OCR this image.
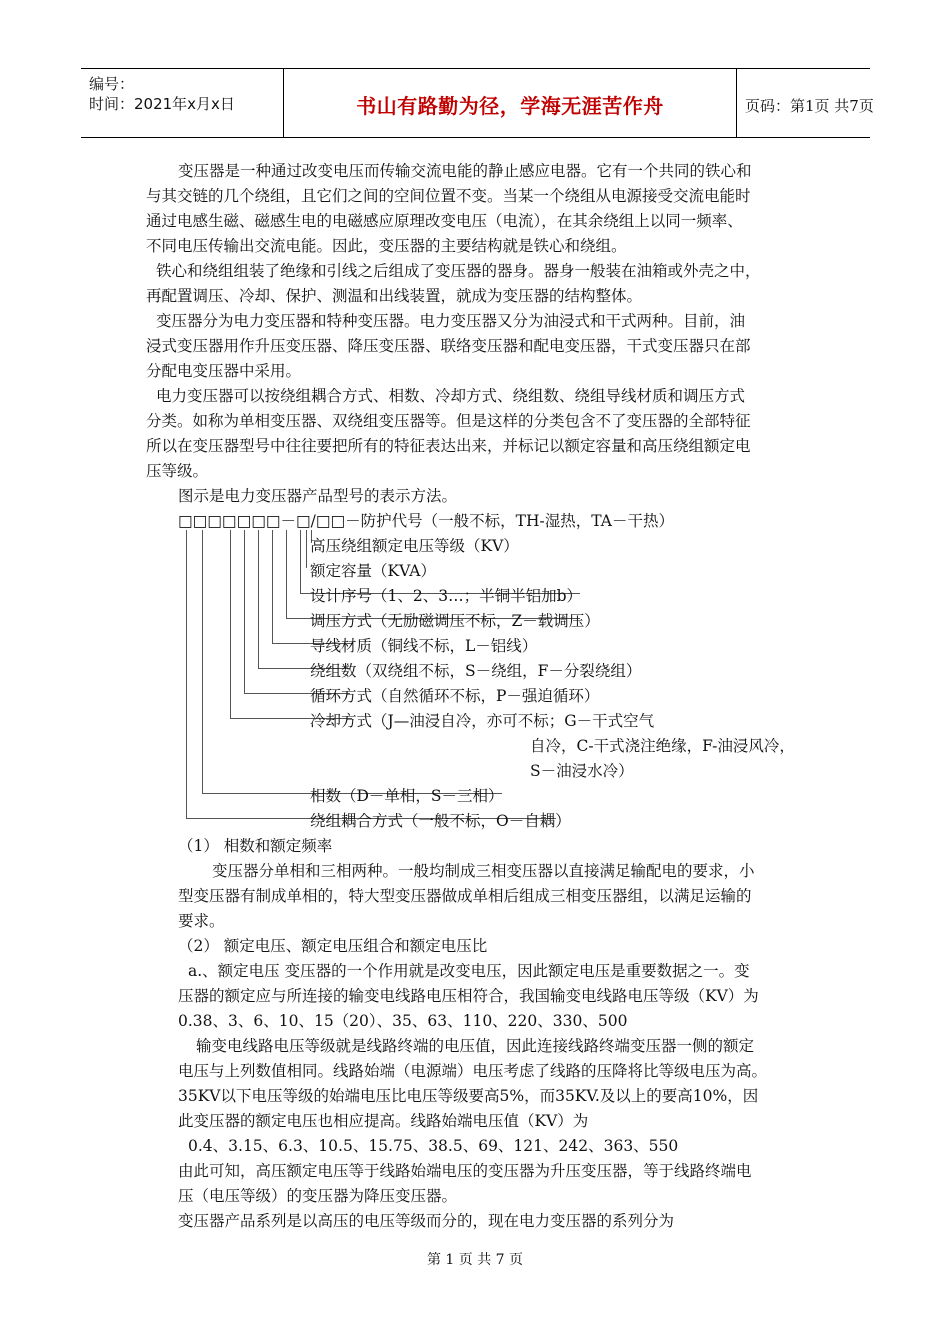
编号：
时间：2021年x月x日	书山有路勤为径，学海无涯苦作舟	页码：第1页 共7页
变压器是一种通过改变电压而传输交流电能的静止感应电器。它有一个共同的铁心和
与其交链的几个绕组，且它们之间的空间位置不变。当某一个绕组从电源接受交流电能时
通过电感生磁、磁感生电的电磁感应原理改变电压（电流），在其余绕组上以同一频率、
不同电压传输出交流电能。因此，变压器的主要结构就是铁心和绕组。
铁心和绕组组装了绝缘和引线之后组成了变压器的器身。器身一般装在油箱或外壳之中，
再配置调压、冷却、保护、测温和出线装置，就成为变压器的结构整体。
变压器分为电力变压器和特种变压器。电力变压器又分为油浸式和干式两种。目前，油
浸式变压器用作升压变压器、降压变压器、联络变压器和配电变压器，干式变压器只在部
分配电变压器中采用。
电力变压器可以按绕组耦合方式、相数、冷却方式、绕组数、绕组导线材质和调压方式
分类。如称为单相变压器、双绕组变压器等。但是这样的分类包含不了变压器的全部特征
所以在变压器型号中往往要把所有的特征表达出来，并标记以额定容量和高压绕组额定电
压等级。
图示是电力变压器产品型号的表示方法。
□□□□□□□－□/□□－防护代号（一般不标，TH-湿热，TA－干热）
高压绕组额定电压等级（KV）
额定容量（KVA）
设计序号（1、2、3…；半铜半铝加b）
调压方式（无励磁调压不标，Z－载调压）
导线材质（铜线不标，L－铝线）
绕组数（双绕组不标，S－绕组，F－分裂绕组）
循环方式（自然循环不标，P－强迫循环）
冷却方式（J—油浸自冷，亦可不标；G－干式空气
自冷，C-干式浇注绝缘，F-油浸风冷，
S－油浸水冷）
相数（D－单相，S－三相）
绕组耦合方式（一般不标，O－自耦）
（1） 相数和额定频率
变压器分单相和三相两种。一般均制成三相变压器以直接满足输配电的要求，小
型变压器有制成单相的，特大型变压器做成单相后组成三相变压器组，以满足运输的
要求。
（2） 额定电压、额定电压组合和额定电压比
a.、额定电压 变压器的一个作用就是改变电压，因此额定电压是重要数据之一。变
压器的额定应与所连接的输变电线路电压相符合，我国输变电线路电压等级（KV）为
0.38、3、6、10、15（20）、35、63、110、220、330、500
输变电线路电压等级就是线路终端的电压值，因此连接线路终端变压器一侧的额定
电压与上列数值相同。线路始端（电源端）电压考虑了线路的压降将比等级电压为高。
35KV以下电压等级的始端电压比电压等级要高5%，而35KV.及以上的要高10%，因
此变压器的额定电压也相应提高。线路始端电压值（KV）为
0.4、3.15、6.3、10.5、15.75、38.5、69、121、242、363、550
由此可知，高压额定电压等于线路始端电压的变压器为升压变压器，等于线路终端电
压（电压等级）的变压器为降压变压器。
变压器产品系列是以高压的电压等级而分的，现在电力变压器的系列分为
第 1 页 共 7 页
